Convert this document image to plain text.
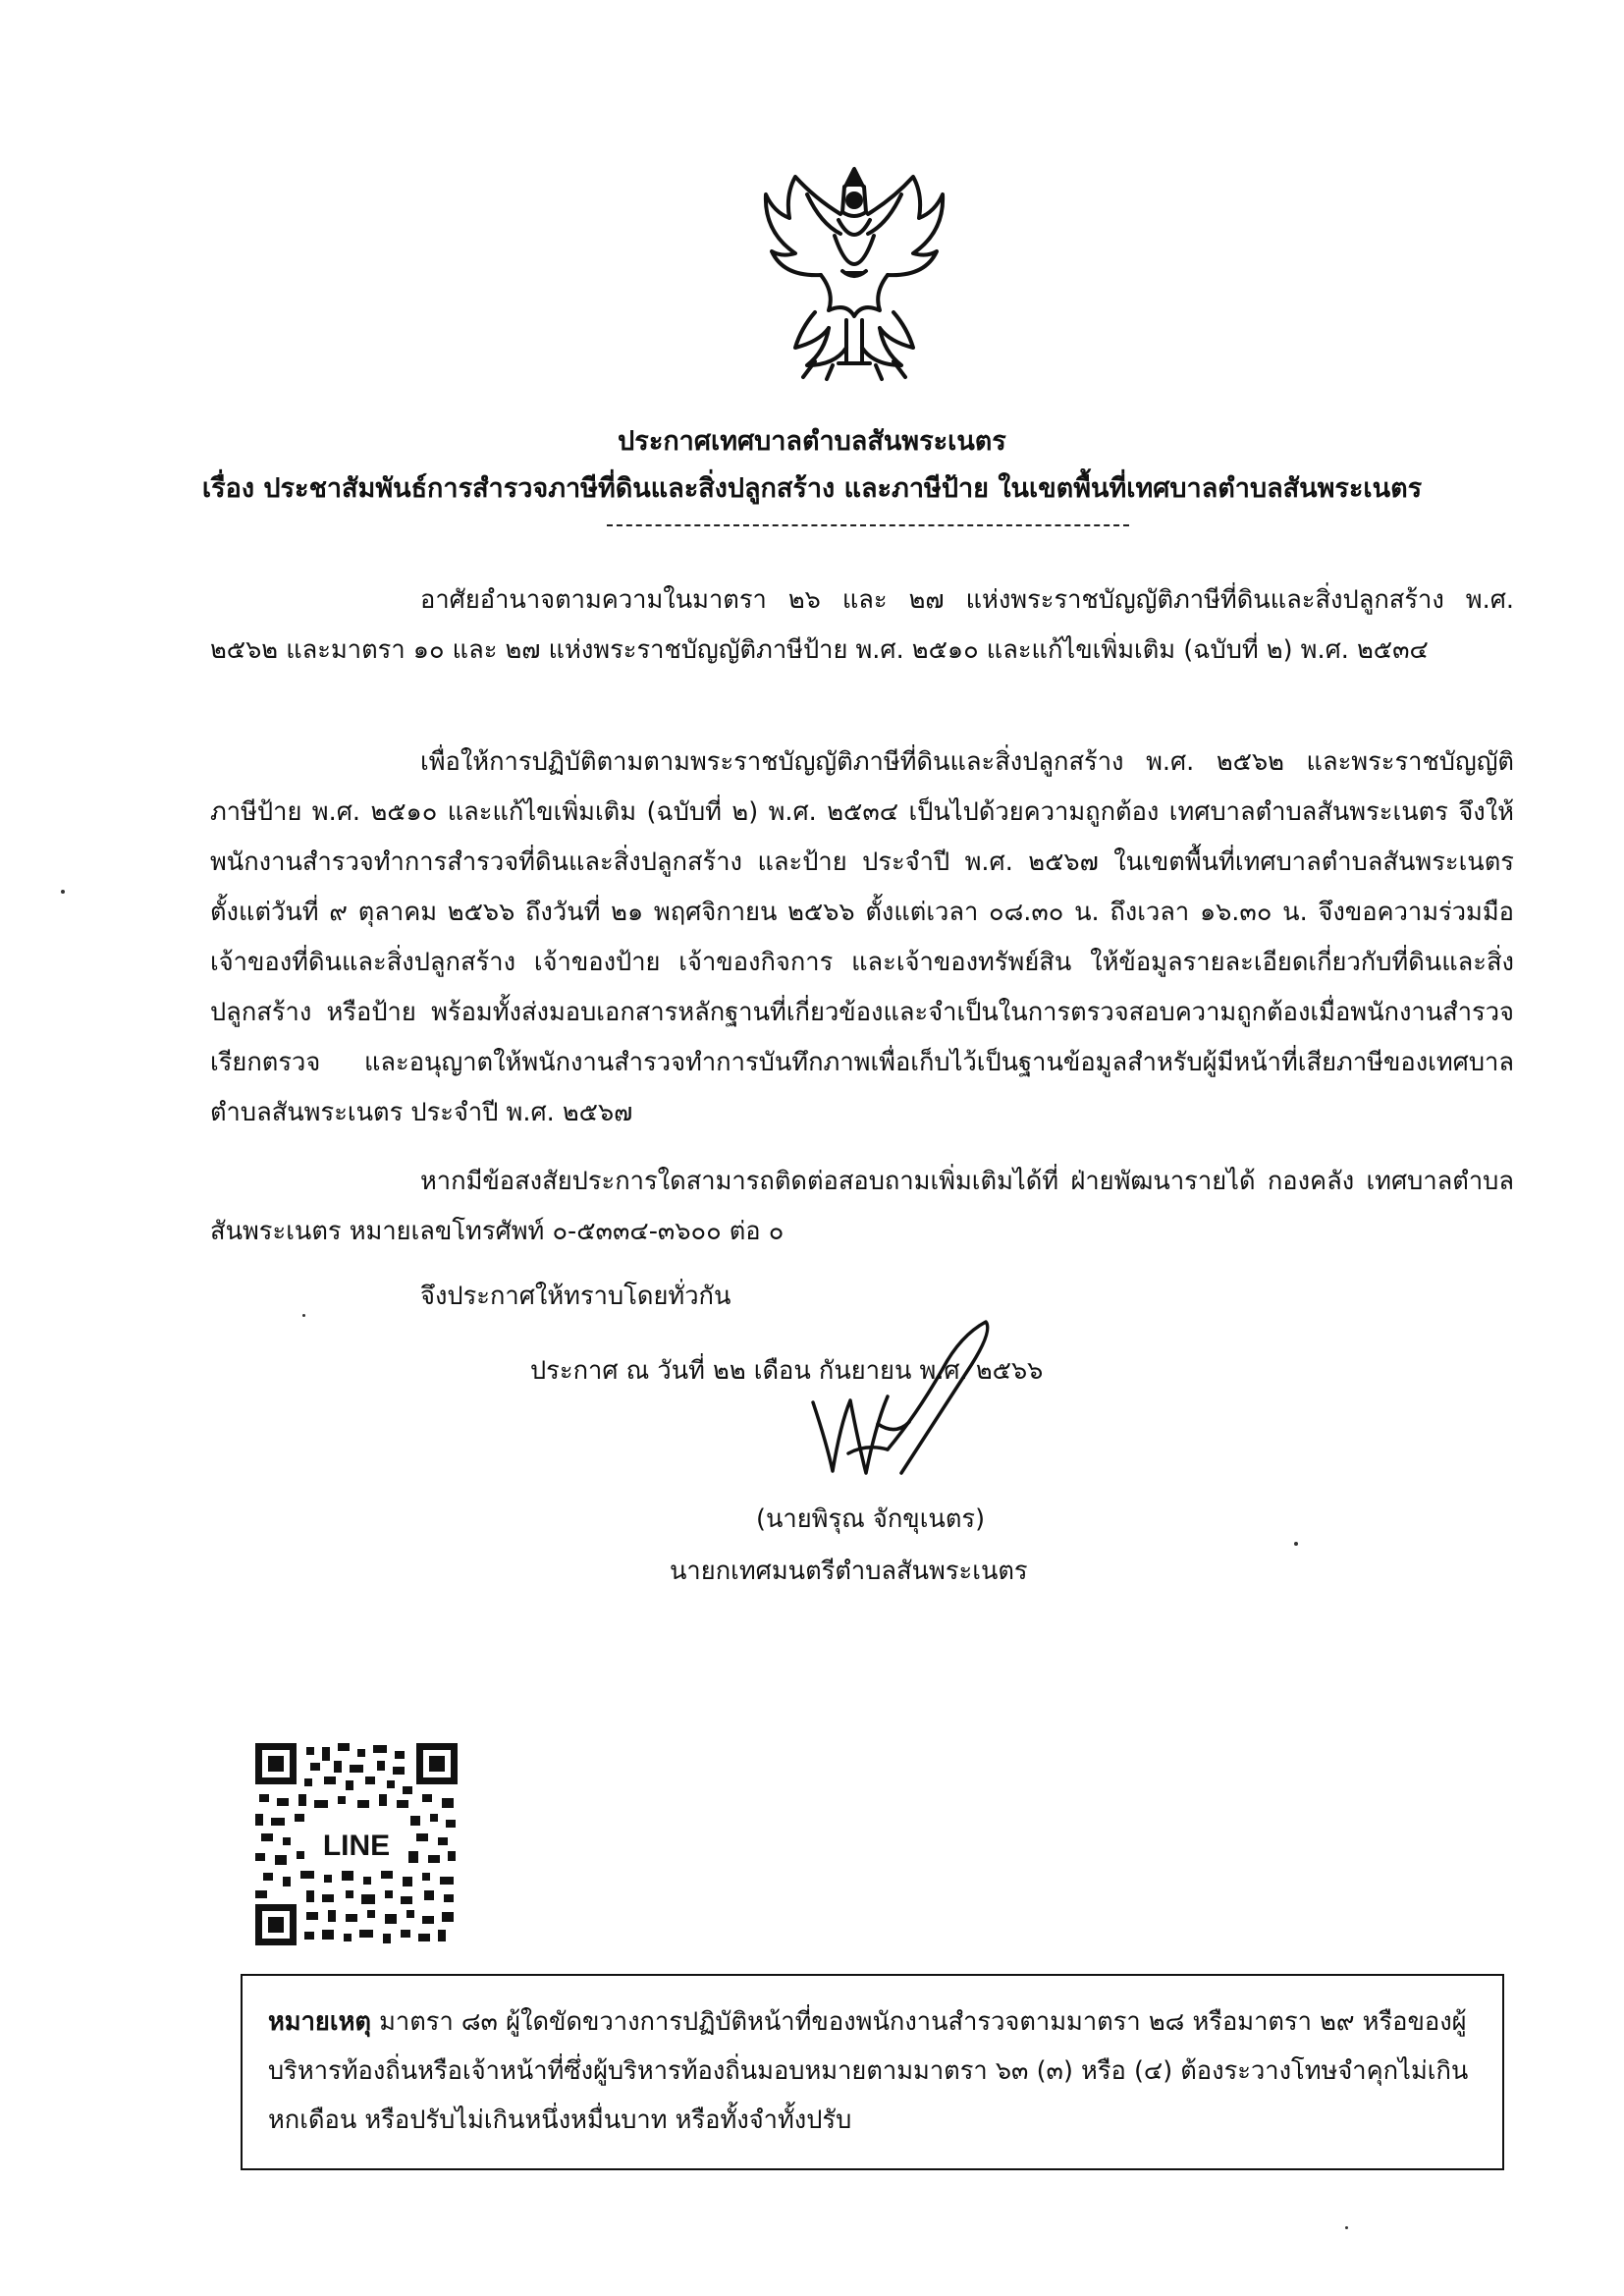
ประกาศเทศบาลตำบลสันพระเนตร
เรื่อง ประชาสัมพันธ์การสำรวจภาษีที่ดินและสิ่งปลูกสร้าง และภาษีป้าย ในเขตพื้นที่เทศบาลตำบลสันพระเนตร

อาศัยอำนาจตามความในมาตรา ๒๖ และ ๒๗ แห่งพระราชบัญญัติภาษีที่ดินและสิ่งปลูกสร้าง พ.ศ. ๒๕๖๒ และมาตรา ๑๐ และ ๒๗ แห่งพระราชบัญญัติภาษีป้าย พ.ศ. ๒๕๑๐ และแก้ไขเพิ่มเติม (ฉบับที่ ๒) พ.ศ. ๒๕๓๔

เพื่อให้การปฏิบัติตามตามพระราชบัญญัติภาษีที่ดินและสิ่งปลูกสร้าง พ.ศ. ๒๕๖๒ และพระราชบัญญัติภาษีป้าย พ.ศ. ๒๕๑๐ และแก้ไขเพิ่มเติม (ฉบับที่ ๒) พ.ศ. ๒๕๓๔ เป็นไปด้วยความถูกต้อง เทศบาลตำบลสันพระเนตร จึงให้พนักงานสำรวจทำการสำรวจที่ดินและสิ่งปลูกสร้าง และป้าย ประจำปี พ.ศ. ๒๕๖๗ ในเขตพื้นที่เทศบาลตำบลสันพระเนตร ตั้งแต่วันที่ ๙ ตุลาคม ๒๕๖๖ ถึงวันที่ ๒๑ พฤศจิกายน ๒๕๖๖ ตั้งแต่เวลา ๐๘.๓๐ น. ถึงเวลา ๑๖.๓๐ น. จึงขอความร่วมมือเจ้าของที่ดินและสิ่งปลูกสร้าง เจ้าของป้าย เจ้าของกิจการ และเจ้าของทรัพย์สิน ให้ข้อมูลรายละเอียดเกี่ยวกับที่ดินและสิ่งปลูกสร้าง หรือป้าย พร้อมทั้งส่งมอบเอกสารหลักฐานที่เกี่ยวข้องและจำเป็นในการตรวจสอบความถูกต้องเมื่อพนักงานสำรวจเรียกตรวจ และอนุญาตให้พนักงานสำรวจทำการบันทึกภาพเพื่อเก็บไว้เป็นฐานข้อมูลสำหรับผู้มีหน้าที่เสียภาษีของเทศบาลตำบลสันพระเนตร ประจำปี พ.ศ. ๒๕๖๗

หากมีข้อสงสัยประการใดสามารถติดต่อสอบถามเพิ่มเติมได้ที่ ฝ่ายพัฒนารายได้ กองคลัง เทศบาลตำบลสันพระเนตร หมายเลขโทรศัพท์ ๐-๕๓๓๔-๓๖๐๐ ต่อ ๐

จึงประกาศให้ทราบโดยทั่วกัน
ประกาศ ณ วันที่ ๒๒ เดือน กันยายน พ.ศ. ๒๕๖๖
(นายพิรุณ จักขุเนตร)
นายกเทศมนตรีตำบลสันพระเนตร
LINE
หมายเหตุ มาตรา ๘๓ ผู้ใดขัดขวางการปฏิบัติหน้าที่ของพนักงานสำรวจตามมาตรา ๒๘ หรือมาตรา ๒๙ หรือของผู้บริหารท้องถิ่นหรือเจ้าหน้าที่ซึ่งผู้บริหารท้องถิ่นมอบหมายตามมาตรา ๖๓ (๓) หรือ (๔) ต้องระวางโทษจำคุกไม่เกินหกเดือน หรือปรับไม่เกินหนึ่งหมื่นบาท หรือทั้งจำทั้งปรับ
